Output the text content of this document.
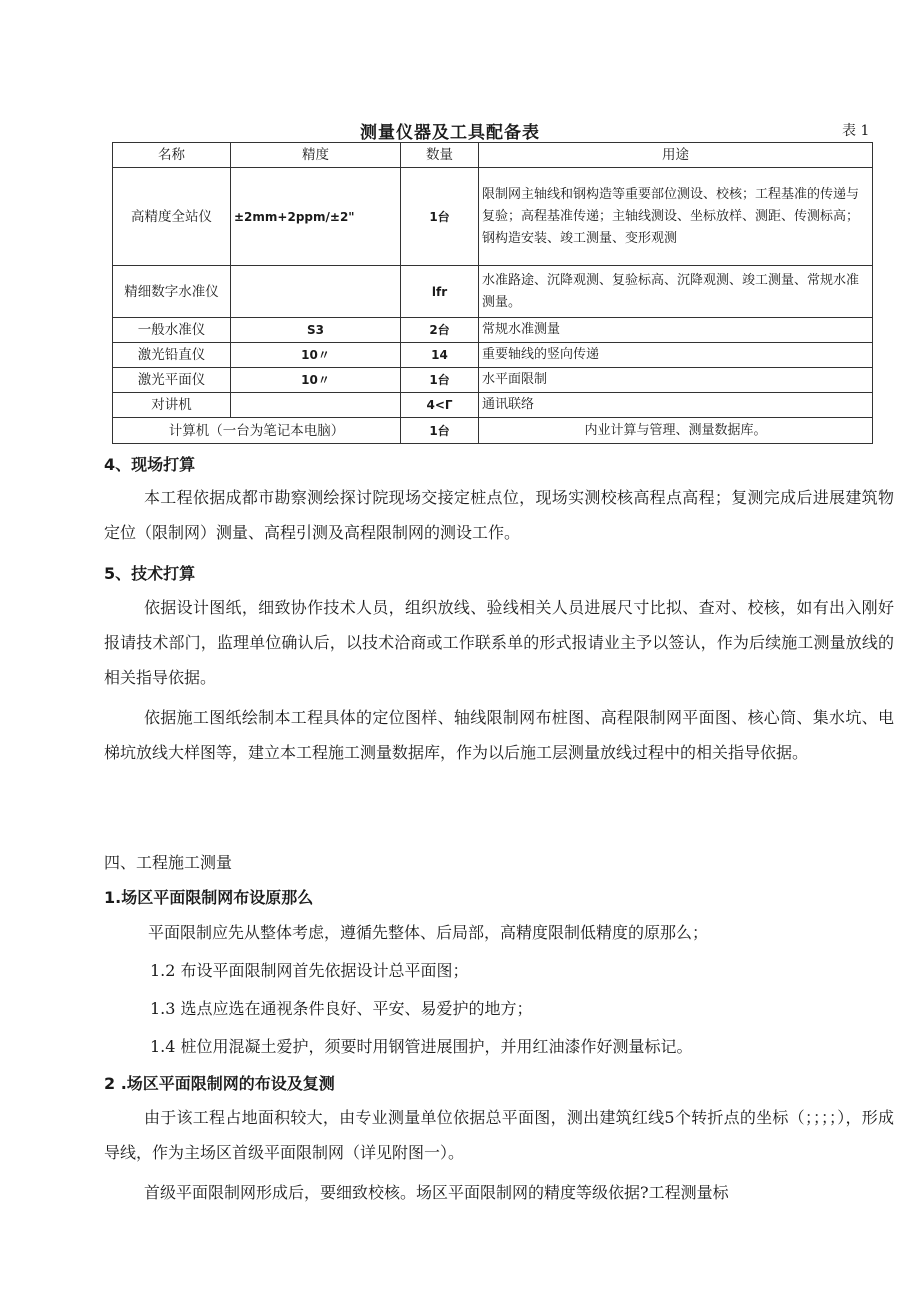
测量仪器及工具配备表	表 1
名称	精度	数量	用途
高精度全站仪	±2mm+2ppm/±2"	1台	限制网主轴线和钢构造等重要部位测设、校核；工程基准的传递与复验；高程基准传递；主轴线测设、坐标放样、测距、传测标高；钢构造安装、竣工测量、变形观测
精细数字水准仪		lfr	水准路途、沉降观测、复验标高、沉降观测、竣工测量、常规水准测量。
一般水准仪	S3	2台	常规水准测量
激光铅直仪	10〃	14	重要轴线的竖向传递
激光平面仪	10〃	1台	水平面限制
对讲机		4<Γ	通讯联络
计算机（一台为笔记本电脑）		1台	内业计算与管理、测量数据库。
4、现场打算
本工程依据成都市勘察测绘探讨院现场交接定桩点位，现场实测校核高程点高程；复测完成后进展建筑物定位（限制网）测量、高程引测及高程限制网的测设工作。
5、技术打算
依据设计图纸，细致协作技术人员，组织放线、验线相关人员进展尺寸比拟、查对、校核，如有出入刚好报请技术部门，监理单位确认后，以技术洽商或工作联系单的形式报请业主予以签认，作为后续施工测量放线的相关指导依据。
依据施工图纸绘制本工程具体的定位图样、轴线限制网布桩图、高程限制网平面图、核心筒、集水坑、电梯坑放线大样图等，建立本工程施工测量数据库，作为以后施工层测量放线过程中的相关指导依据。
四、工程施工测量
1.场区平面限制网布设原那么
平面限制应先从整体考虑，遵循先整体、后局部，高精度限制低精度的原那么；
1.2 布设平面限制网首先依据设计总平面图；
1.3 选点应选在通视条件良好、平安、易爱护的地方；
1.4 桩位用混凝土爱护，须要时用钢管进展围护，并用红油漆作好测量标记。
2 .场区平面限制网的布设及复测
由于该工程占地面积较大，由专业测量单位依据总平面图，测出建筑红线5个转折点的坐标（；；；；），形成导线，作为主场区首级平面限制网（详见附图一）。
首级平面限制网形成后，要细致校核。场区平面限制网的精度等级依据?工程测量标
